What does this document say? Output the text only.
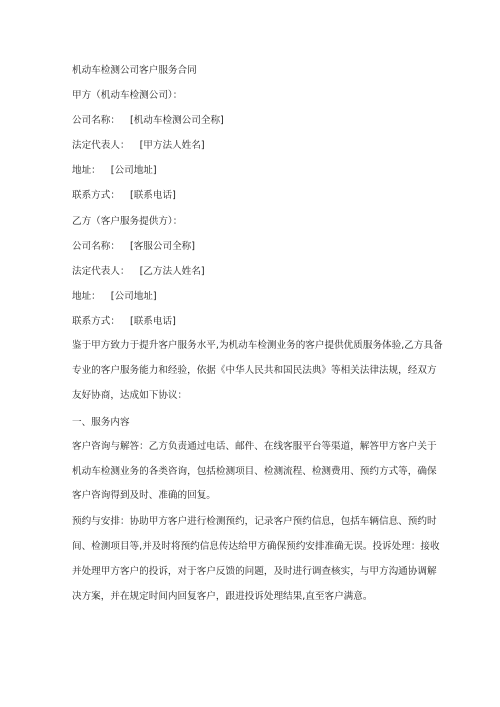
机动车检测公司客户服务合同
甲方（机动车检测公司）：
公司名称： [机动车检测公司全称]
法定代表人： [甲方法人姓名]
地址： [公司地址]
联系方式： [联系电话]
乙方（客户服务提供方）：
公司名称： [客服公司全称]
法定代表人： [乙方法人姓名]
地址： [公司地址]
联系方式： [联系电话]
鉴于甲方致力于提升客户服务水平,为机动车检测业务的客户提供优质服务体验,乙方具备
专业的客户服务能力和经验，依据《中华人民共和国民法典》等相关法律法规，经双方
友好协商，达成如下协议：
一、服务内容
客户咨询与解答：乙方负责通过电话、邮件、在线客服平台等渠道，解答甲方客户关于
机动车检测业务的各类咨询，包括检测项目、检测流程、检测费用、预约方式等，确保
客户咨询得到及时、准确的回复。
预约与安排：协助甲方客户进行检测预约，记录客户预约信息，包括车辆信息、预约时
间、检测项目等,并及时将预约信息传达给甲方确保预约安排准确无误。投诉处理：接收
并处理甲方客户的投诉，对于客户反馈的问题，及时进行调查核实，与甲方沟通协调解
决方案，并在规定时间内回复客户，跟进投诉处理结果,直至客户满意。
